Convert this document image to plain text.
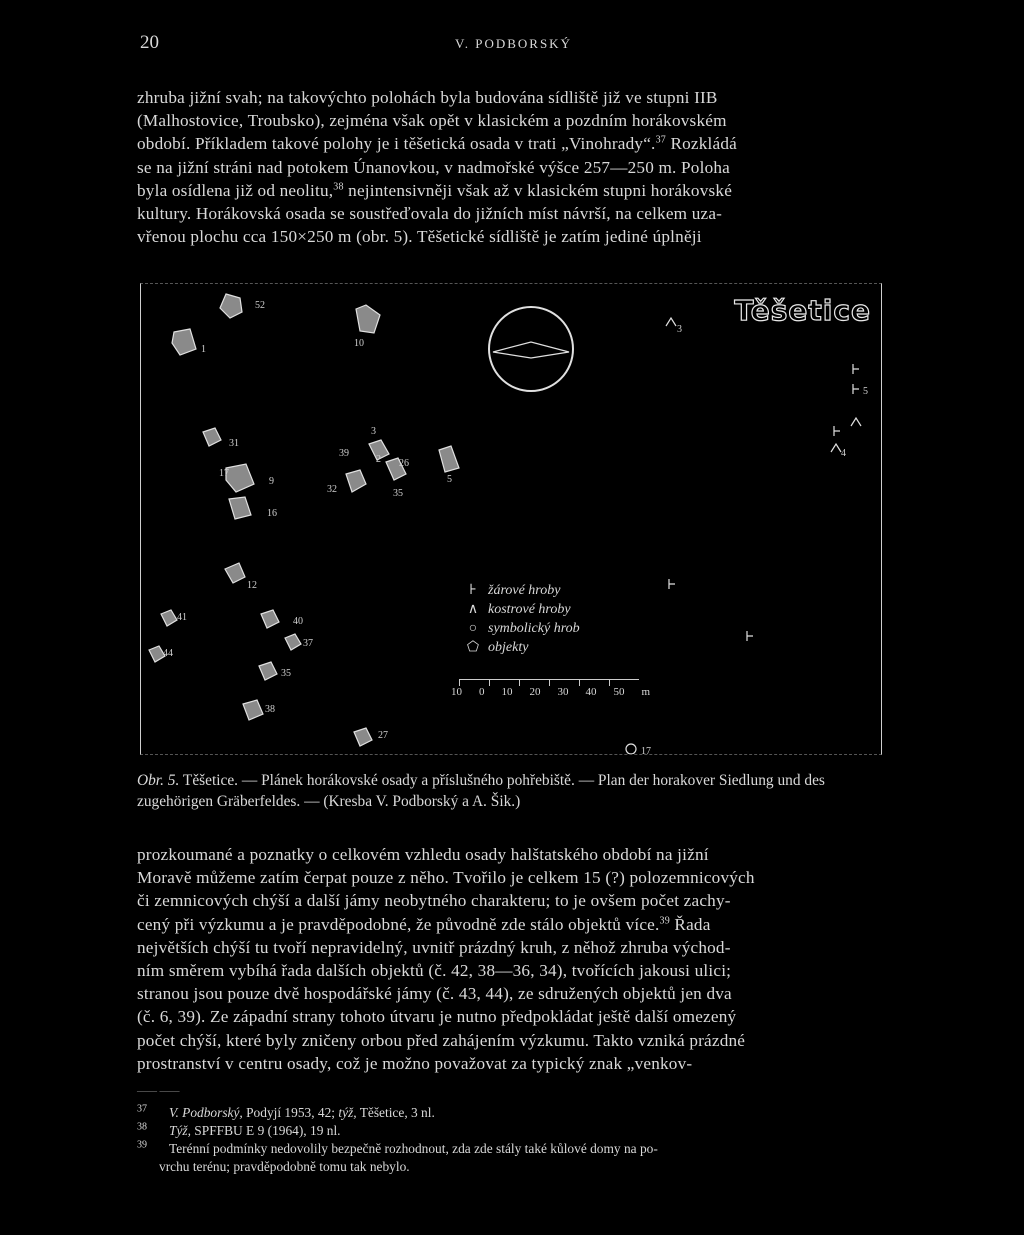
20	V. PODBORSKÝ
zhruba jižní svah; na takovýchto polohách byla budována sídliště již ve stupni IIB
(Malhostovice, Troubsko), zejména však opět v klasickém a pozdním horákovském
období. Příkladem takové polohy je i těšetická osada v trati „Vinohrady“.$^{37}$ Rozkládá
se na jižní stráni nad potokem Únanovkou, v nadmořské výšce 257—250 m. Poloha
byla osídlena již od neolitu,$^{38}$ nejintensivněji však až v klasickém stupni horákovské
kultury. Horákovská osada se soustřeďovala do jižních míst návrší, na celkem uza-
vřenou plochu cca 150×250 m (obr. 5). Těšetické sídliště je zatím jediné úplněji
52
1
10
3
2
5
31
17
9
39
32	35
26
16
12
41	40
44
37
35
38
27
3
5
4
17
Těšetice
⊦ žárové hroby
∧ kostrové hroby
○ symbolický hrob
⬠ objekty
10 0 10 20 30 40 50 m
Obr. 5. Těšetice. — Plánek horákovské osady a příslušného pohřebiště. — Plan der horakover Siedlung und des zugehörigen Gräberfeldes. — (Kresba V. Podborský a A. Šik.)
prozkoumané a poznatky o celkovém vzhledu osady halštatského období na jižní
Moravě můžeme zatím čerpat pouze z něho. Tvořilo je celkem 15 (?) polozemnicových
či zemnicových chýší a další jámy neobytného charakteru; to je ovšem počet zachy-
cený při výzkumu a je pravděpodobné, že původně zde stálo objektů více.$^{39}$ Řada
největších chýší tu tvoří nepravidelný, uvnitř prázdný kruh, z něhož zhruba východ-
ním směrem vybíhá řada dalších objektů (č. 42, 38—36, 34), tvořících jakousi ulici;
stranou jsou pouze dvě hospodářské jámy (č. 43, 44), ze sdružených objektů jen dva
(č. 6, 39). Ze západní strany tohoto útvaru je nutno předpokládat ještě další omezený
počet chýší, které byly zničeny orbou před zahájením výzkumu. Takto vzniká prázdné
prostranství v centru osady, což je možno považovat za typický znak „venkov-
—— ——
$^{37}$ V. Podborský, Podyjí 1953, 42; týž, Těšetice, 3 nl.
$^{38}$ Týž, SPFFBU E 9 (1964), 19 nl.
$^{39}$ Terénní podmínky nedovolily bezpečně rozhodnout, zda zde stály také kůlové domy na po-
vrchu terénu; pravděpodobně tomu tak nebylo.
